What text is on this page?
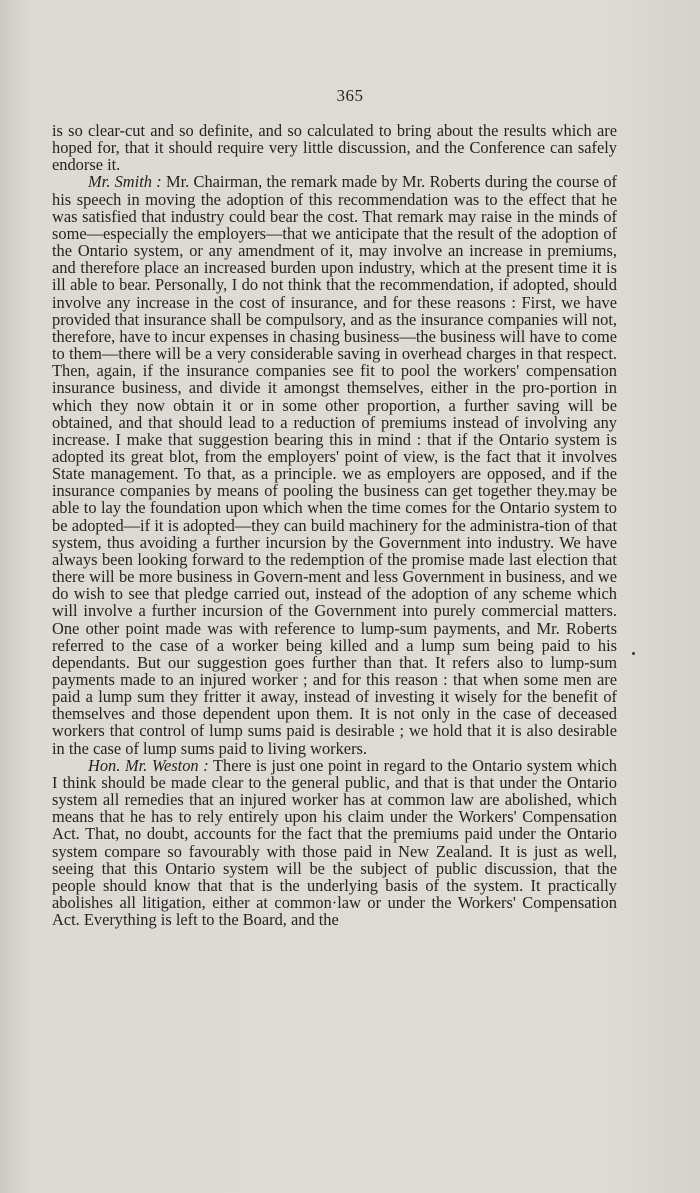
365

is so clear-cut and so definite, and so calculated to bring about the results which are hoped for, that it should require very little discussion, and the Conference can safely endorse it.

Mr. Smith : Mr. Chairman, the remark made by Mr. Roberts during the course of his speech in moving the adoption of this recommendation was to the effect that he was satisfied that industry could bear the cost. That remark may raise in the minds of some—especially the employers—that we anticipate that the result of the adoption of the Ontario system, or any amendment of it, may involve an increase in premiums, and therefore place an increased burden upon industry, which at the present time it is ill able to bear. Personally, I do not think that the recommendation, if adopted, should involve any increase in the cost of insurance, and for these reasons : First, we have provided that insurance shall be compulsory, and as the insurance companies will not, therefore, have to incur expenses in chasing business—the business will have to come to them—there will be a very considerable saving in overhead charges in that respect. Then, again, if the insurance companies see fit to pool the workers' compensation insurance business, and divide it amongst themselves, either in the pro-portion in which they now obtain it or in some other proportion, a further saving will be obtained, and that should lead to a reduction of premiums instead of involving any increase. I make that suggestion bearing this in mind : that if the Ontario system is adopted its great blot, from the employers' point of view, is the fact that it involves State management. To that, as a principle. we as employers are opposed, and if the insurance companies by means of pooling the business can get together they.may be able to lay the foundation upon which when the time comes for the Ontario system to be adopted—if it is adopted—they can build machinery for the administra-tion of that system, thus avoiding a further incursion by the Government into industry. We have always been looking forward to the redemption of the promise made last election that there will be more business in Govern-ment and less Government in business, and we do wish to see that pledge carried out, instead of the adoption of any scheme which will involve a further incursion of the Government into purely commercial matters. One other point made was with reference to lump-sum payments, and Mr. Roberts referred to the case of a worker being killed and a lump sum being paid to his dependants. But our suggestion goes further than that. It refers also to lump-sum payments made to an injured worker ; and for this reason : that when some men are paid a lump sum they fritter it away, instead of investing it wisely for the benefit of themselves and those dependent upon them. It is not only in the case of deceased workers that control of lump sums paid is desirable ; we hold that it is also desirable in the case of lump sums paid to living workers.

Hon. Mr. Weston : There is just one point in regard to the Ontario system which I think should be made clear to the general public, and that is that under the Ontario system all remedies that an injured worker has at common law are abolished, which means that he has to rely entirely upon his claim under the Workers' Compensation Act. That, no doubt, accounts for the fact that the premiums paid under the Ontario system compare so favourably with those paid in New Zealand. It is just as well, seeing that this Ontario system will be the subject of public discussion, that the people should know that that is the underlying basis of the system. It practically abolishes all litigation, either at common·law or under the Workers' Compensation Act. Everything is left to the Board, and the
